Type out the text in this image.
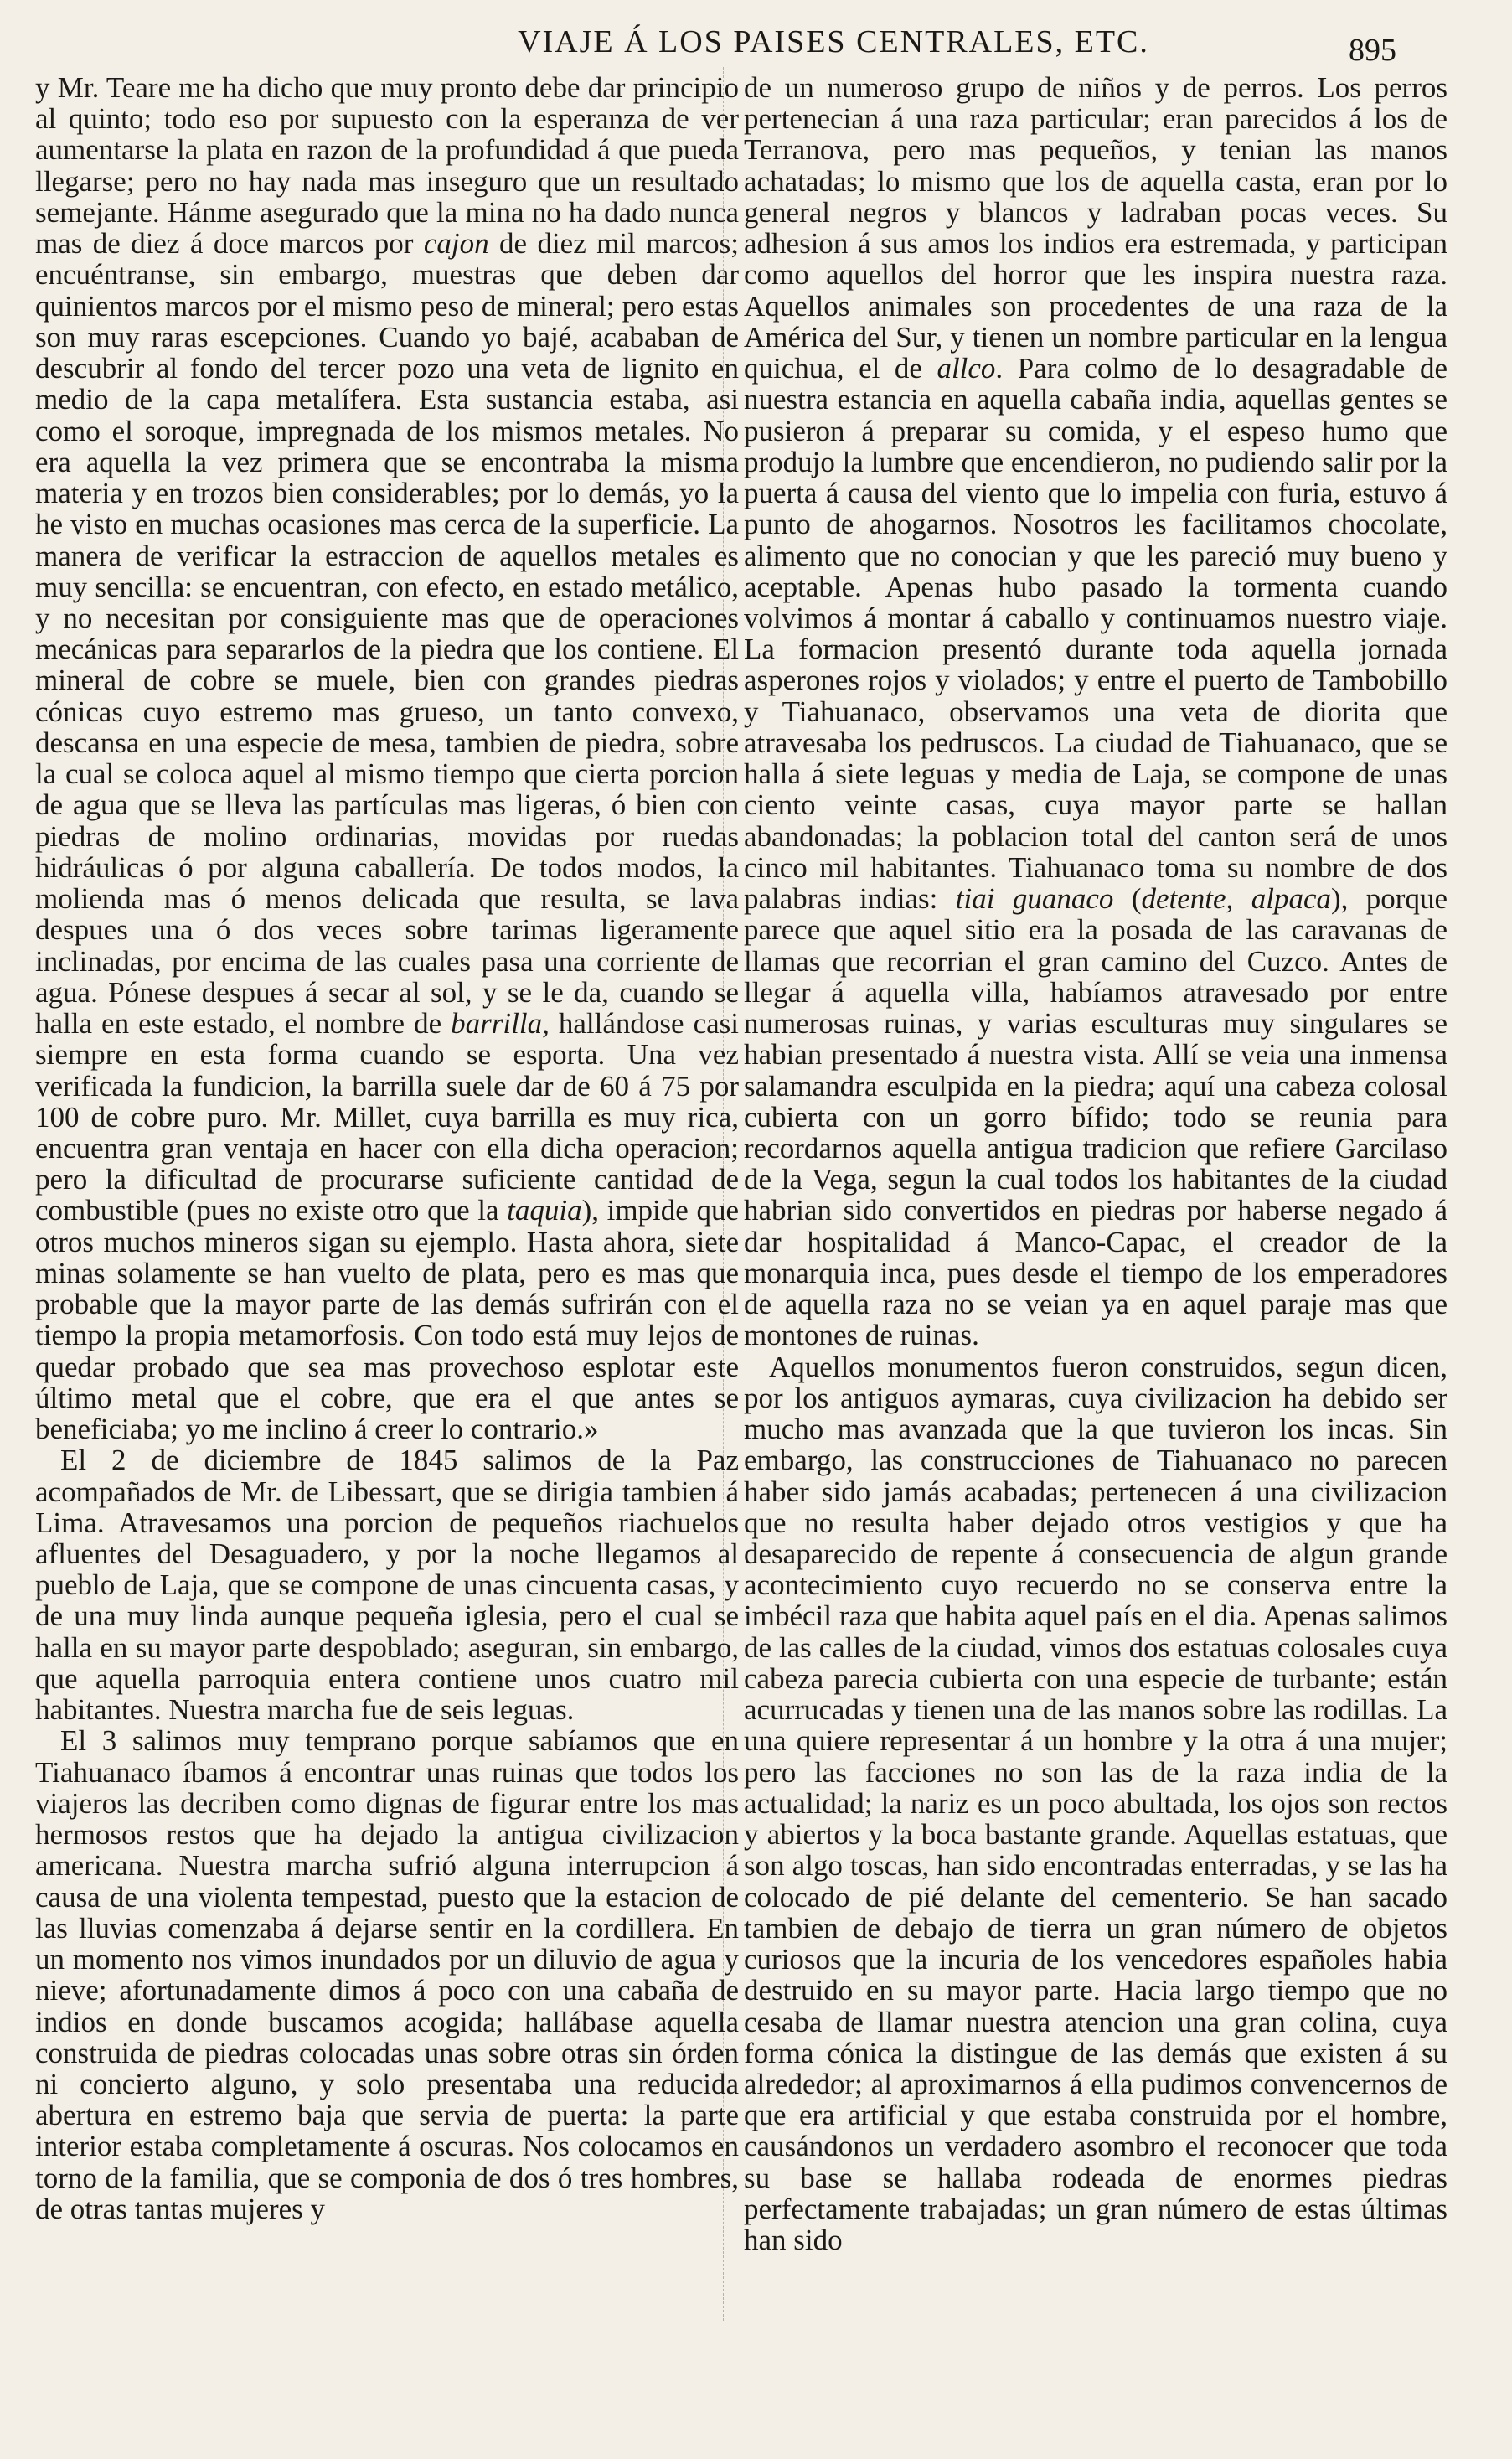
VIAJE Á LOS PAISES CENTRALES, ETC.	895

y Mr. Teare me ha dicho que muy pronto debe dar principio al quinto; todo eso por supuesto con la esperanza de ver aumentarse la plata en razon de la profundidad á que pueda llegarse; pero no hay nada mas inseguro que un resultado semejante. Hánme asegurado que la mina no ha dado nunca mas de diez á doce marcos por cajon de diez mil marcos; encuéntranse, sin embargo, muestras que deben dar quinientos marcos por el mismo peso de mineral; pero estas son muy raras escepciones. Cuando yo bajé, acababan de descubrir al fondo del tercer pozo una veta de lignito en medio de la capa metalífera. Esta sustancia estaba, asi como el soroque, impregnada de los mismos metales. No era aquella la vez primera que se encontraba la misma materia y en trozos bien considerables; por lo demás, yo la he visto en muchas ocasiones mas cerca de la superficie. La manera de verificar la estraccion de aquellos metales es muy sencilla: se encuentran, con efecto, en estado metálico, y no necesitan por consiguiente mas que de operaciones mecánicas para separarlos de la piedra que los contiene. El mineral de cobre se muele, bien con grandes piedras cónicas cuyo estremo mas grueso, un tanto convexo, descansa en una especie de mesa, tambien de piedra, sobre la cual se coloca aquel al mismo tiempo que cierta porcion de agua que se lleva las partículas mas ligeras, ó bien con piedras de molino ordinarias, movidas por ruedas hidráulicas ó por alguna caballería. De todos modos, la molienda mas ó menos delicada que resulta, se lava despues una ó dos veces sobre tarimas ligeramente inclinadas, por encima de las cuales pasa una corriente de agua. Pónese despues á secar al sol, y se le da, cuando se halla en este estado, el nombre de barrilla, hallándose casi siempre en esta forma cuando se esporta. Una vez verificada la fundicion, la barrilla suele dar de 60 á 75 por 100 de cobre puro. Mr. Millet, cuya barrilla es muy rica, encuentra gran ventaja en hacer con ella dicha operacion; pero la dificultad de procurarse suficiente cantidad de combustible (pues no existe otro que la taquia), impide que otros muchos mineros sigan su ejemplo. Hasta ahora, siete minas solamente se han vuelto de plata, pero es mas que probable que la mayor parte de las demás sufrirán con el tiempo la propia metamorfosis. Con todo está muy lejos de quedar probado que sea mas provechoso esplotar este último metal que el cobre, que era el que antes se beneficiaba; yo me inclino á creer lo contrario.»

El 2 de diciembre de 1845 salimos de la Paz acompañados de Mr. de Libessart, que se dirigia tambien á Lima. Atravesamos una porcion de pequeños riachuelos afluentes del Desaguadero, y por la noche llegamos al pueblo de Laja, que se compone de unas cincuenta casas, y de una muy linda aunque pequeña iglesia, pero el cual se halla en su mayor parte despoblado; aseguran, sin embargo, que aquella parroquia entera contiene unos cuatro mil habitantes. Nuestra marcha fue de seis leguas.

El 3 salimos muy temprano porque sabíamos que en Tiahuanaco íbamos á encontrar unas ruinas que todos los viajeros las decriben como dignas de figurar entre los mas hermosos restos que ha dejado la antigua civilizacion americana. Nuestra marcha sufrió alguna interrupcion á causa de una violenta tempestad, puesto que la estacion de las lluvias comenzaba á dejarse sentir en la cordillera. En un momento nos vimos inundados por un diluvio de agua y nieve; afortunadamente dimos á poco con una cabaña de indios en donde buscamos acogida; hallábase aquella construida de piedras colocadas unas sobre otras sin órden ni concierto alguno, y solo presentaba una reducida abertura en estremo baja que servia de puerta: la parte interior estaba completamente á oscuras. Nos colocamos en torno de la familia, que se componia de dos ó tres hombres, de otras tantas mujeres y

de un numeroso grupo de niños y de perros. Los perros pertenecian á una raza particular; eran parecidos á los de Terranova, pero mas pequeños, y tenian las manos achatadas; lo mismo que los de aquella casta, eran por lo general negros y blancos y ladraban pocas veces. Su adhesion á sus amos los indios era estremada, y participan como aquellos del horror que les inspira nuestra raza. Aquellos animales son procedentes de una raza de la América del Sur, y tienen un nombre particular en la lengua quichua, el de allco. Para colmo de lo desagradable de nuestra estancia en aquella cabaña india, aquellas gentes se pusieron á preparar su comida, y el espeso humo que produjo la lumbre que encendieron, no pudiendo salir por la puerta á causa del viento que lo impelia con furia, estuvo á punto de ahogarnos. Nosotros les facilitamos chocolate, alimento que no conocian y que les pareció muy bueno y aceptable. Apenas hubo pasado la tormenta cuando volvimos á montar á caballo y continuamos nuestro viaje. La formacion presentó durante toda aquella jornada asperones rojos y violados; y entre el puerto de Tambobillo y Tiahuanaco, observamos una veta de diorita que atravesaba los pedruscos. La ciudad de Tiahuanaco, que se halla á siete leguas y media de Laja, se compone de unas ciento veinte casas, cuya mayor parte se hallan abandonadas; la poblacion total del canton será de unos cinco mil habitantes. Tiahuanaco toma su nombre de dos palabras indias: tiai guanaco (detente, alpaca), porque parece que aquel sitio era la posada de las caravanas de llamas que recorrian el gran camino del Cuzco. Antes de llegar á aquella villa, habíamos atravesado por entre numerosas ruinas, y varias esculturas muy singulares se habian presentado á nuestra vista. Allí se veia una inmensa salamandra esculpida en la piedra; aquí una cabeza colosal cubierta con un gorro bífido; todo se reunia para recordarnos aquella antigua tradicion que refiere Garcilaso de la Vega, segun la cual todos los habitantes de la ciudad habrian sido convertidos en piedras por haberse negado á dar hospitalidad á Manco-Capac, el creador de la monarquia inca, pues desde el tiempo de los emperadores de aquella raza no se veian ya en aquel paraje mas que montones de ruinas.

Aquellos monumentos fueron construidos, segun dicen, por los antiguos aymaras, cuya civilizacion ha debido ser mucho mas avanzada que la que tuvieron los incas. Sin embargo, las construcciones de Tiahuanaco no parecen haber sido jamás acabadas; pertenecen á una civilizacion que no resulta haber dejado otros vestigios y que ha desaparecido de repente á consecuencia de algun grande acontecimiento cuyo recuerdo no se conserva entre la imbécil raza que habita aquel país en el dia. Apenas salimos de las calles de la ciudad, vimos dos estatuas colosales cuya cabeza parecia cubierta con una especie de turbante; están acurrucadas y tienen una de las manos sobre las rodillas. La una quiere representar á un hombre y la otra á una mujer; pero las facciones no son las de la raza india de la actualidad; la nariz es un poco abultada, los ojos son rectos y abiertos y la boca bastante grande. Aquellas estatuas, que son algo toscas, han sido encontradas enterradas, y se las ha colocado de pié delante del cementerio. Se han sacado tambien de debajo de tierra un gran número de objetos curiosos que la incuria de los vencedores españoles habia destruido en su mayor parte. Hacia largo tiempo que no cesaba de llamar nuestra atencion una gran colina, cuya forma cónica la distingue de las demás que existen á su alrededor; al aproximarnos á ella pudimos convencernos de que era artificial y que estaba construida por el hombre, causándonos un verdadero asombro el reconocer que toda su base se hallaba rodeada de enormes piedras perfectamente trabajadas; un gran número de estas últimas han sido
